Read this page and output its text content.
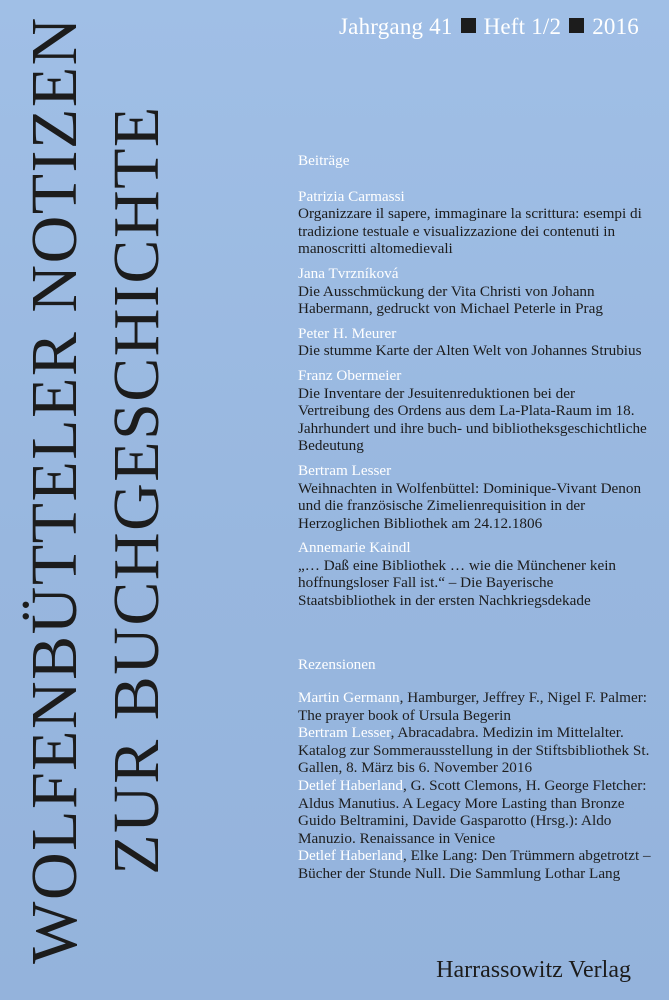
Jahrgang 41 Heft 1/2 2016
WOLFENBÜTTELER NOTIZEN ZUR BUCHGESCHICHTE	Beiträge
Patrizia Carmassi
Organizzare il sapere, immaginare la scrittura: esempi di tradizione testuale e visualizzazione dei contenuti in manoscritti altomedievali
Jana Tvrzníková
Die Ausschmückung der Vita Christi von Johann Habermann, gedruckt von Michael Peterle in Prag
Peter H. Meurer
Die stumme Karte der Alten Welt von Johannes Strubius
Franz Obermeier
Die Inventare der Jesuitenreduktionen bei der Vertreibung des Ordens aus dem La-Plata-Raum im 18. Jahrhundert und ihre buch- und bibliotheksgeschichtliche Bedeutung
Bertram Lesser
Weihnachten in Wolfenbüttel: Dominique-Vivant Denon und die französische Zimelienrequisition in der Herzoglichen Bibliothek am 24.12.1806
Annemarie Kaindl
„… Daß eine Bibliothek … wie die Münchener kein hoffnungsloser Fall ist.“ – Die Bayerische Staatsbibliothek in der ersten Nachkriegsdekade
Rezensionen
Martin Germann, Hamburger, Jeffrey F., Nigel F. Palmer: The prayer book of Ursula Begerin
Bertram Lesser, Abracadabra. Medizin im Mittelalter. Katalog zur Sommerausstellung in der Stiftsbibliothek St. Gallen, 8. März bis 6. November 2016
Detlef Haberland, G. Scott Clemons, H. George Fletcher: Aldus Manutius. A Legacy More Lasting than Bronze
Guido Beltramini, Davide Gasparotto (Hrsg.): Aldo Manuzio. Renaissance in Venice
Detlef Haberland, Elke Lang: Den Trümmern abgetrotzt – Bücher der Stunde Null. Die Sammlung Lothar Lang
Harrassowitz Verlag
